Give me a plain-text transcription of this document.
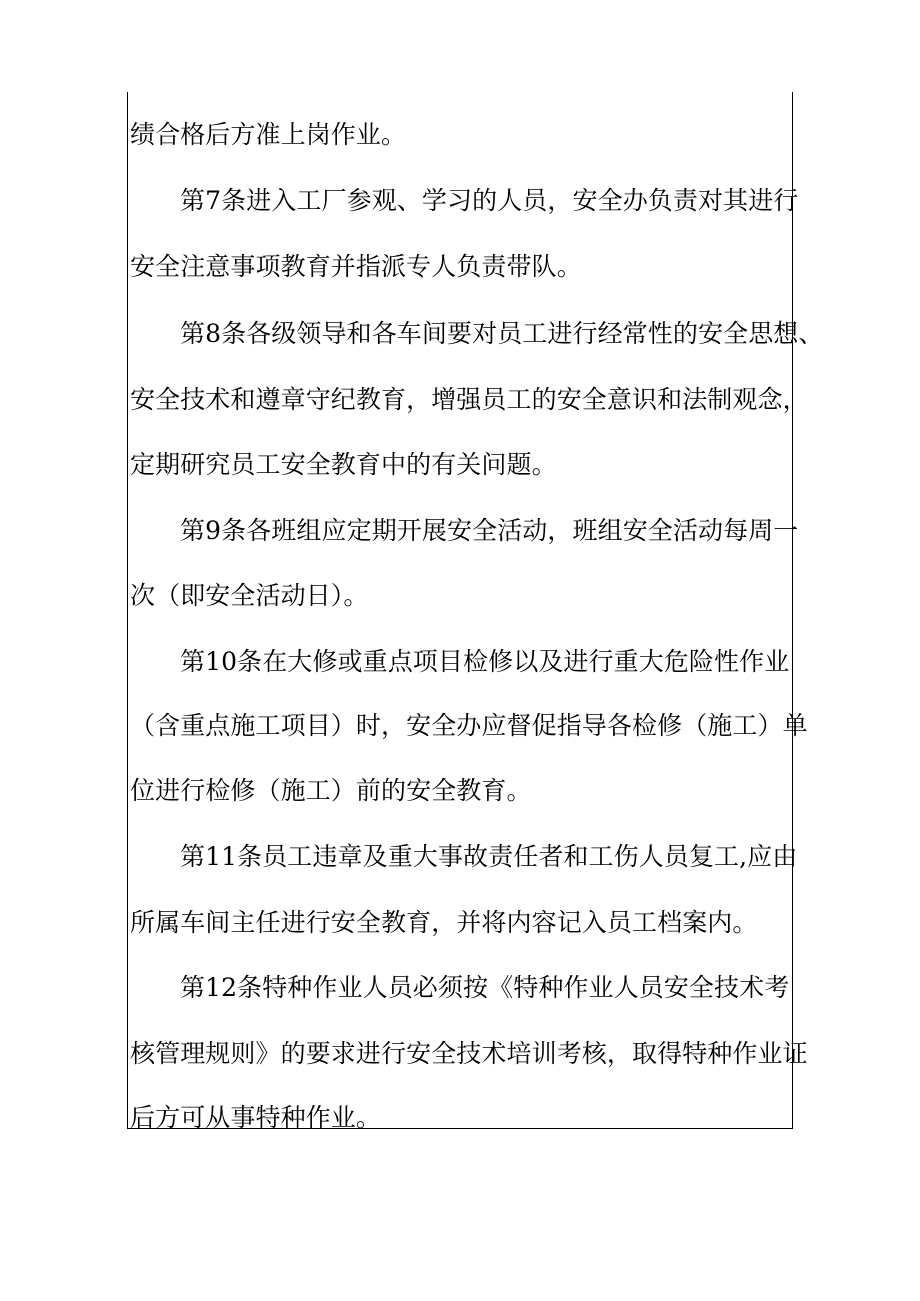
绩合格后方准上岗作业。
第7条进入工厂参观、学习的人员，安全办负责对其进行
安全注意事项教育并指派专人负责带队。
第8条各级领导和各车间要对员工进行经常性的安全思想、
安全技术和遵章守纪教育，增强员工的安全意识和法制观念，
定期研究员工安全教育中的有关问题。
第9条各班组应定期开展安全活动，班组安全活动每周一
次（即安全活动日）。
第10条在大修或重点项目检修以及进行重大危险性作业
（含重点施工项目）时，安全办应督促指导各检修（施工）单
位进行检修（施工）前的安全教育。
第11条员工违章及重大事故责任者和工伤人员复工,应由
所属车间主任进行安全教育，并将内容记入员工档案内。
第12条特种作业人员必须按《特种作业人员安全技术考
核管理规则》的要求进行安全技术培训考核，取得特种作业证
后方可从事特种作业。
